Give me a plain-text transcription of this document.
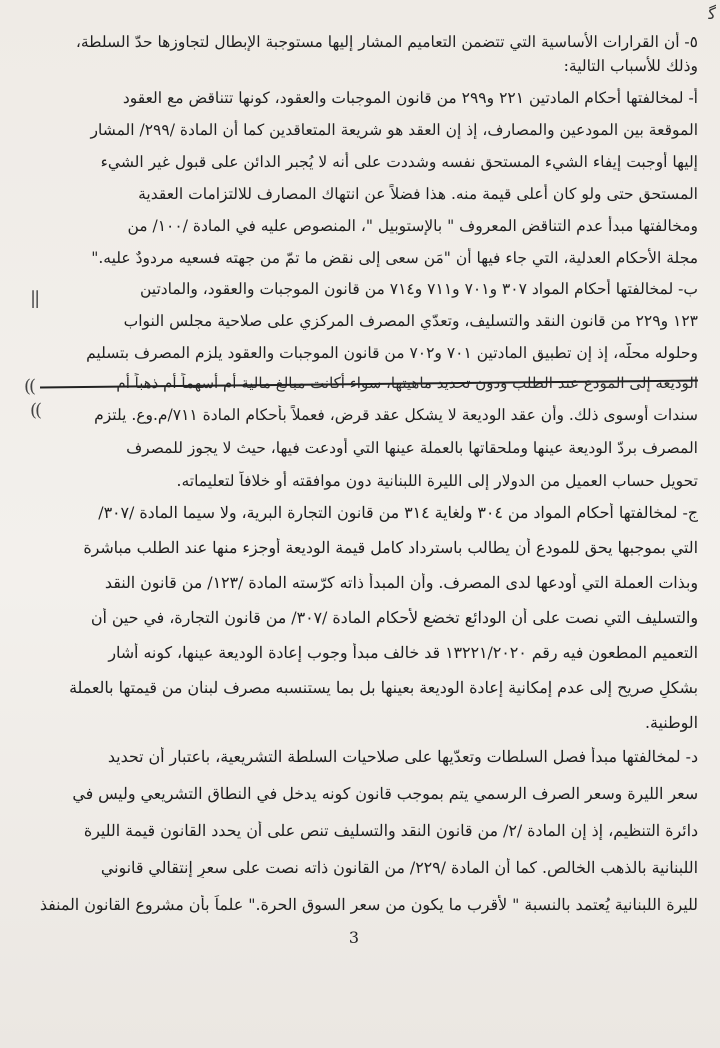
ﮔ
||
((
((
٥- أن القرارات الأساسية التي تتضمن التعاميم المشار إليها مستوجبة الإبطال لتجاوزها حدّ السلطة،
وذلك للأسباب التالية:
أ- لمخالفتها أحكام المادتين ٢٢١ و٢٩٩ من قانون الموجبات والعقود، كونها تتناقض مع العقود
الموقعة بين المودعين والمصارف، إذ إن العقد هو شريعة المتعاقدين كما أن المادة /٢٩٩/ المشار
إليها أوجبت إيفاء الشيء المستحق نفسه وشددت على أنه لا يُجبر الدائن على قبول غير الشيء
المستحق حتى ولو كان أعلى قيمة منه. هذا فضلاً عن انتهاك المصارف للالتزامات العقدية
ومخالفتها مبدأ عدم التناقض المعروف " بالإستوبيل "، المنصوص عليه في المادة /١٠٠/ من
مجلة الأحكام العدلية، التي جاء فيها أن "مَن سعى إلى نقض ما تمّ من جهته فسعيه مردودٌ عليه."
ب- لمخالفتها أحكام المواد ٣٠٧ و٧٠١ و٧١١ و٧١٤ من قانون الموجبات والعقود، والمادتين
١٢٣ و٢٢٩ من قانون النقد والتسليف، وتعدّي المصرف المركزي على صلاحية مجلس النواب
وحلوله محلّه، إذ إن تطبيق المادتين ٧٠١ و٧٠٢ من قانون الموجبات والعقود يلزم المصرف بتسليم
الوديعة إلى المودع عند الطلب ودون تحديد ماهيتها، سواء أكانت مبالغ مالية أم أسهماً أم ذهباً أم
سندات أوسوى ذلك. وأن عقد الوديعة لا يشكل عقد قرض، فعملاً بأحكام المادة ٧١١/م.وع. يلتزم
المصرف بردّ الوديعة عينها وملحقاتها بالعملة عينها التي أودعت فيها، حيث لا يجوز للمصرف
تحويل حساب العميل من الدولار إلى الليرة اللبنانية دون موافقته أو خلافاً لتعليماته.
ج- لمخالفتها أحكام المواد من ٣٠٤ ولغاية ٣١٤ من قانون التجارة البرية، ولا سيما المادة /٣٠٧/
التي بموجبها يحق للمودع أن يطالب باسترداد كامل قيمة الوديعة أوجزء منها عند الطلب مباشرة
وبذات العملة التي أودعها لدى المصرف. وأن المبدأ ذاته كرّسته المادة /١٢٣/ من قانون النقد
والتسليف التي نصت على أن الودائع تخضع لأحكام المادة /٣٠٧/ من قانون التجارة، في حين أن
التعميم المطعون فيه رقم ١٣٢٢١/٢٠٢٠ قد خالف مبدأ وجوب إعادة الوديعة عينها، كونه أشار
بشكلٍ صريح إلى عدم إمكانية إعادة الوديعة بعينها بل بما يستنسبه مصرف لبنان من قيمتها بالعملة
الوطنية.
د- لمخالفتها مبدأ فصل السلطات وتعدّيها على صلاحيات السلطة التشريعية، باعتبار أن تحديد
سعر الليرة وسعر الصرف الرسمي يتم بموجب قانون كونه يدخل في النطاق التشريعي وليس في
دائرة التنظيم، إذ إن المادة /٢/ من قانون النقد والتسليف تنص على أن يحدد القانون قيمة الليرة
اللبنانية بالذهب الخالص. كما أن المادة /٢٢٩/ من القانون ذاته نصت على سعرٍ إنتقالي قانوني
لليرة اللبنانية يُعتمد بالنسبة " لأقرب ما يكون من سعر السوق الحرة." علماً بأن مشروع القانون المنفذ
3
